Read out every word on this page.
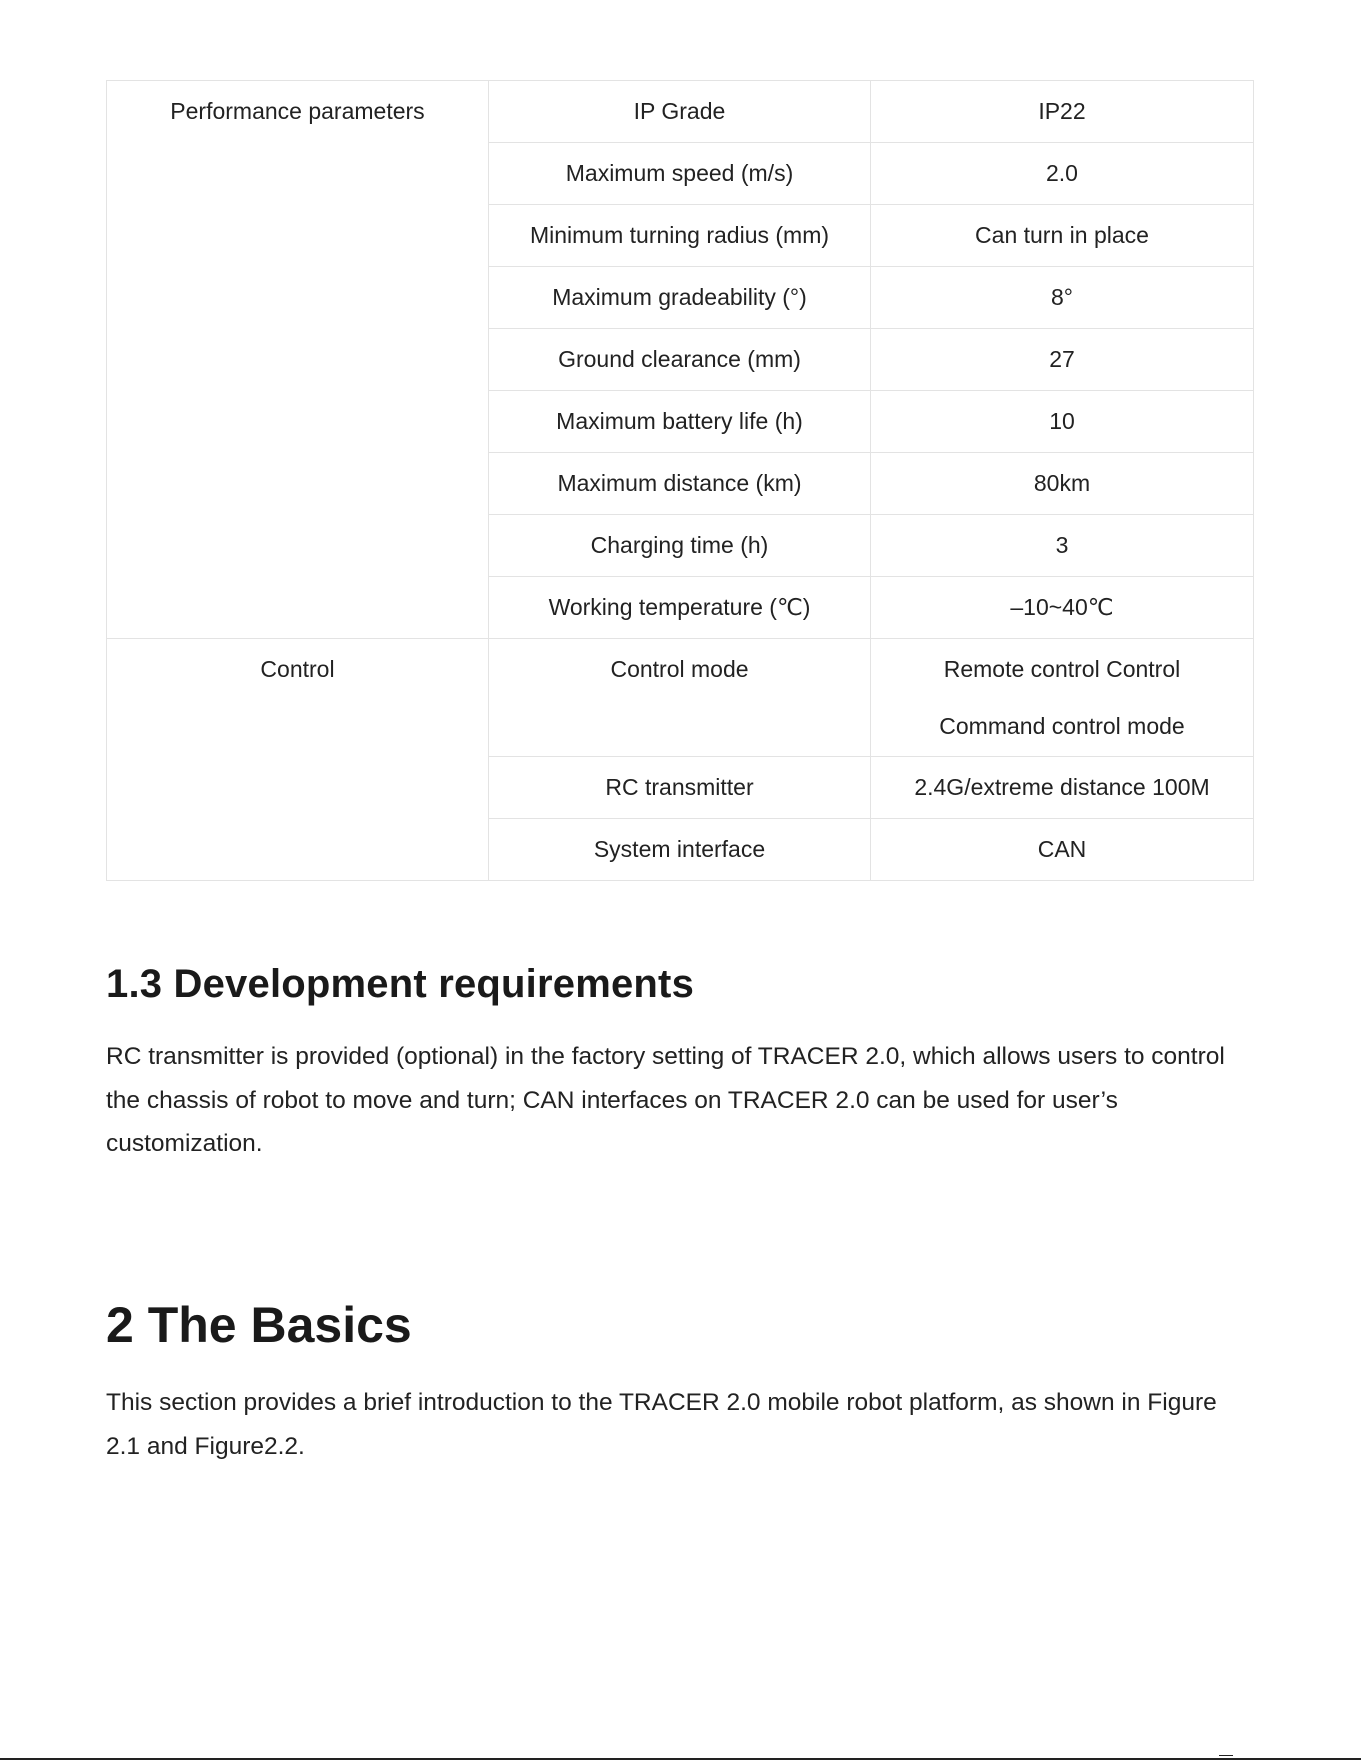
Performance parameters	IP Grade	IP22
	Maximum speed (m/s)	2.0
	Minimum turning radius (mm)	Can turn in place
	Maximum gradeability (°)	8°
	Ground clearance (mm)	27
	Maximum battery life (h)	10
	Maximum distance (km)	80km
	Charging time (h)	3
	Working temperature (℃)	–10~40℃
Control	Control mode	Remote control Control
Command control mode

	RC transmitter	2.4G/extreme distance 100M
	System interface	CAN
1.3 Development requirements

RC transmitter is provided (optional) in the factory setting of TRACER 2.0, which allows users to control the chassis of robot to move and turn; CAN interfaces on TRACER 2.0 can be used for user’s customization.

2 The Basics

This section provides a brief introduction to the TRACER 2.0 mobile robot platform, as shown in Figure 2.1 and Figure2.2.
